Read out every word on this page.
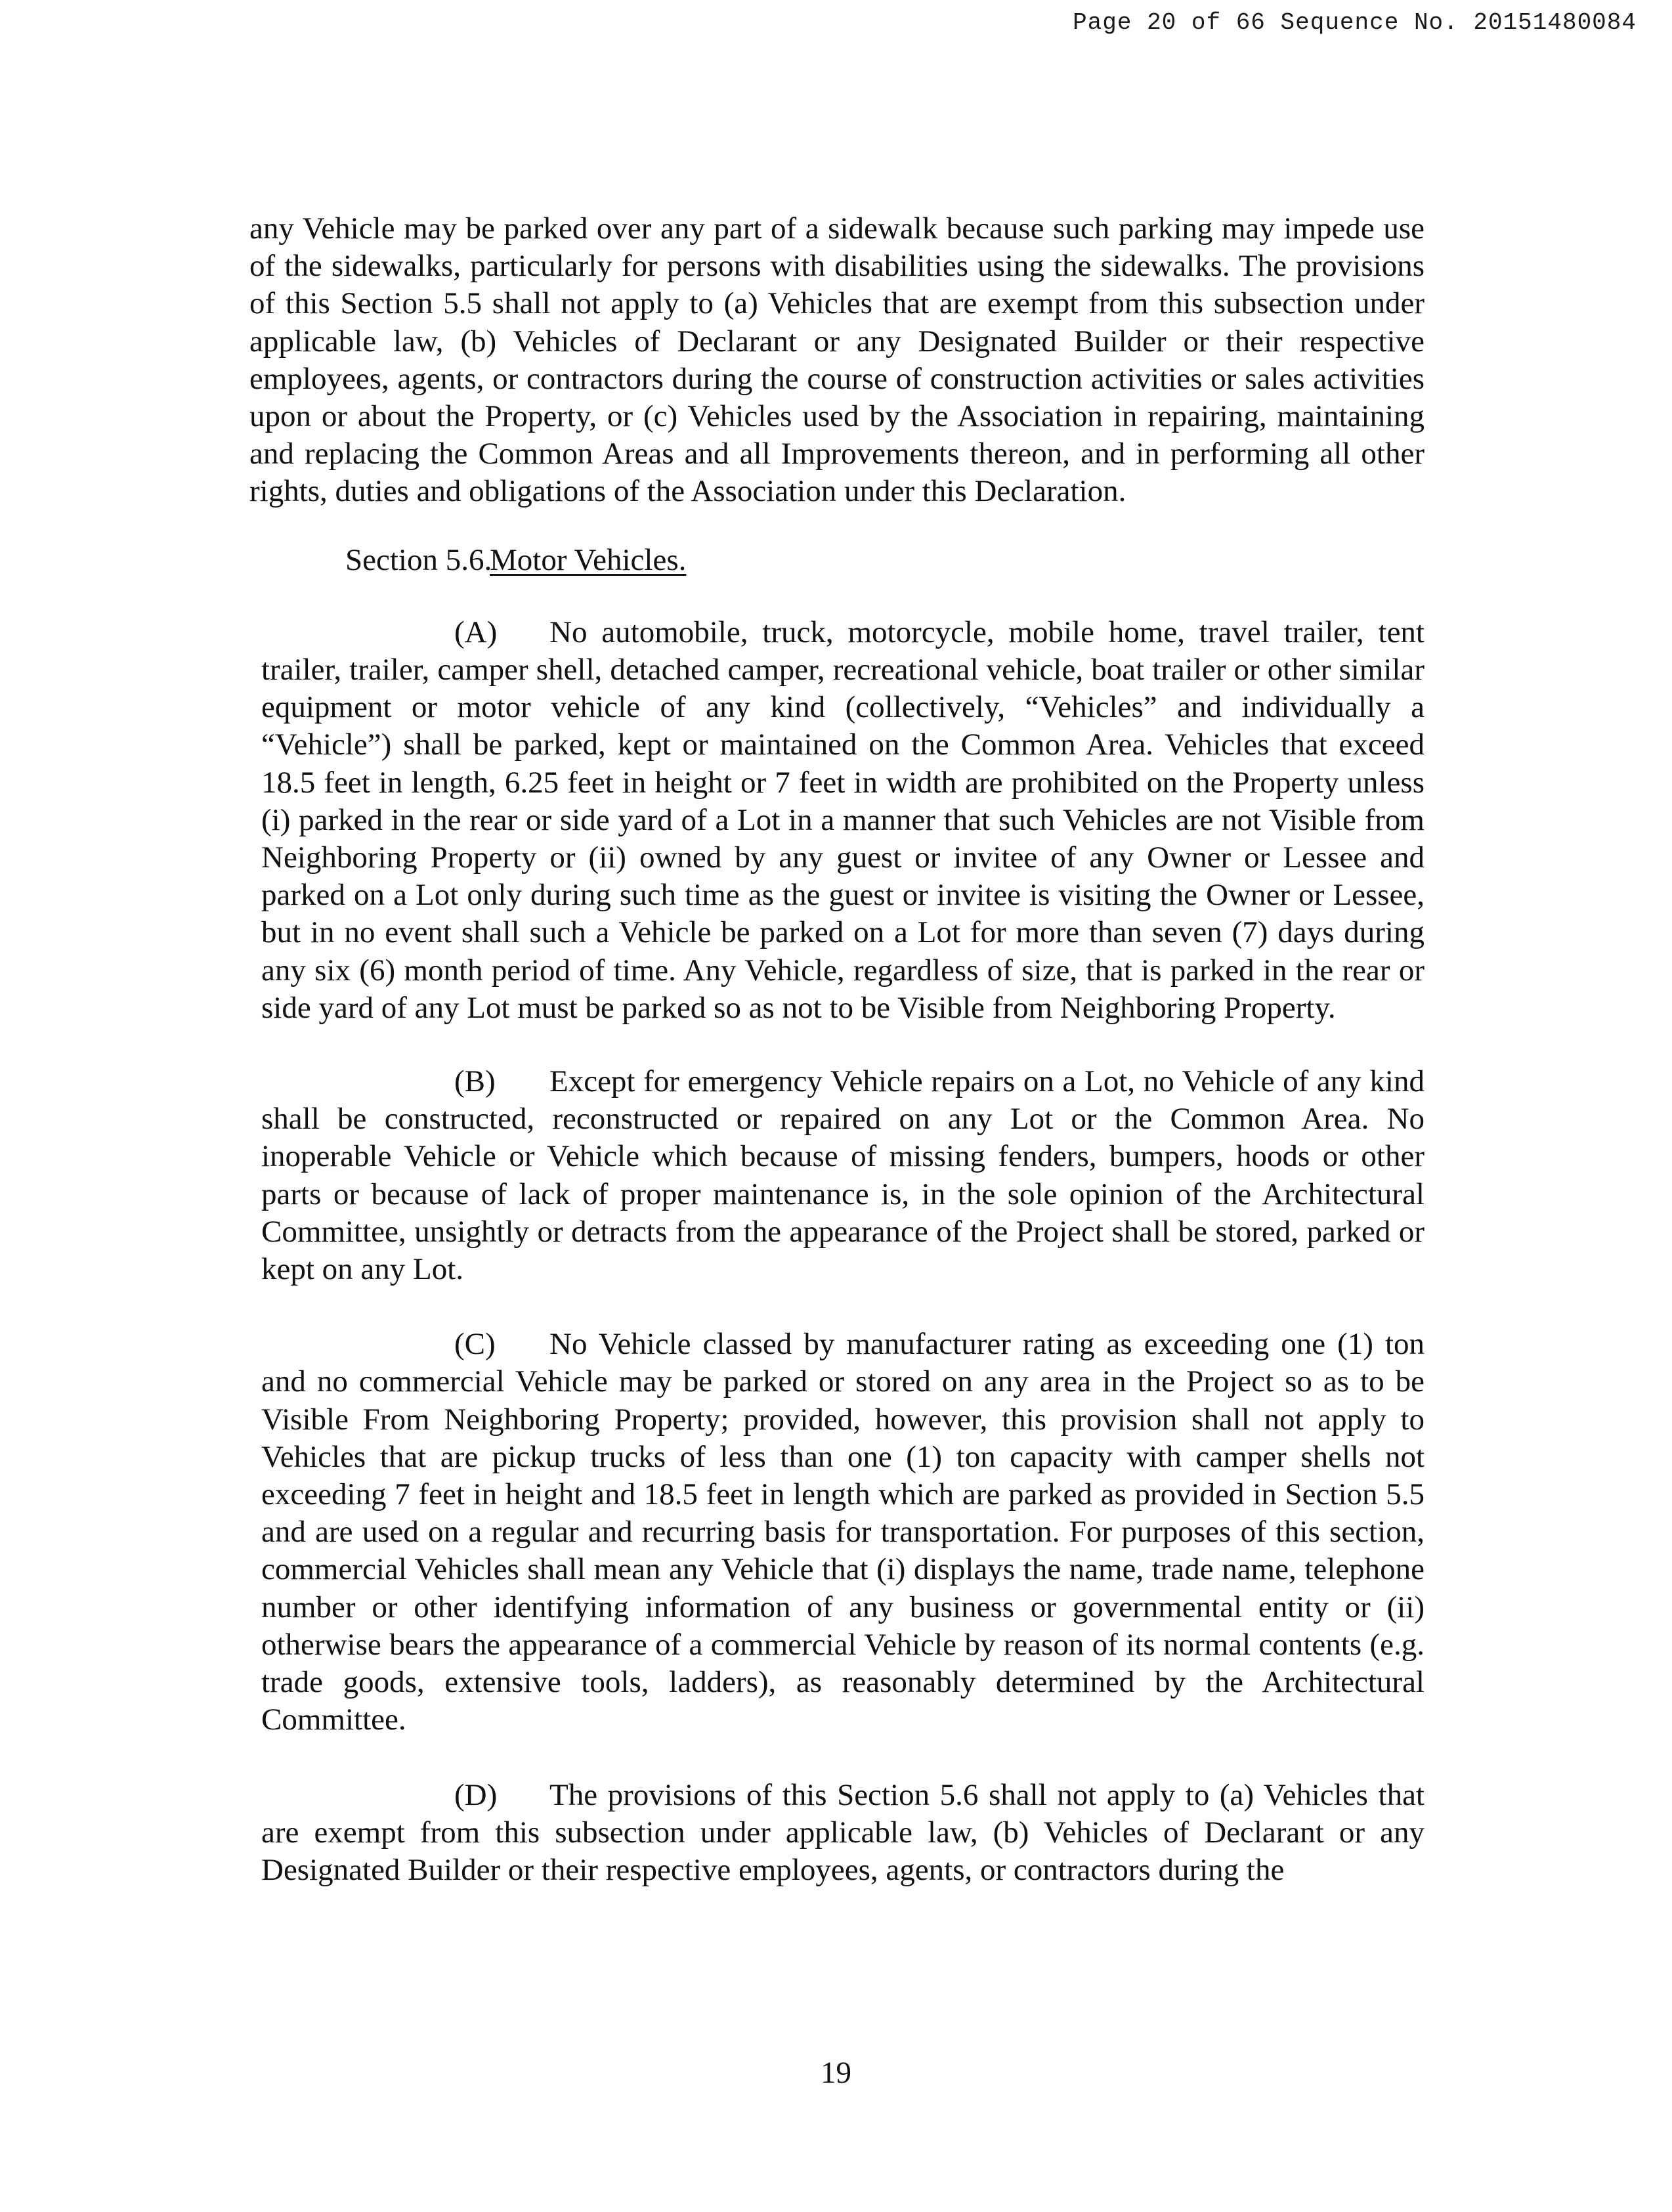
Page 20 of 66 Sequence No. 20151480084

any Vehicle may be parked over any part of a sidewalk because such parking may impede use of the sidewalks, particularly for persons with disabilities using the sidewalks. The provisions of this Section 5.5 shall not apply to (a) Vehicles that are exempt from this subsection under applicable law, (b) Vehicles of Declarant or any Designated Builder or their respective employees, agents, or contractors during the course of construction activities or sales activities upon or about the Property, or (c) Vehicles used by the Association in repairing, maintaining and replacing the Common Areas and all Improvements thereon, and in performing all other rights, duties and obligations of the Association under this Declaration.

Section 5.6.Motor Vehicles.

(A) No automobile, truck, motorcycle, mobile home, travel trailer, tent trailer, trailer, camper shell, detached camper, recreational vehicle, boat trailer or other similar equipment or motor vehicle of any kind (collectively, “Vehicles” and individually a “Vehicle”) shall be parked, kept or maintained on the Common Area. Vehicles that exceed 18.5 feet in length, 6.25 feet in height or 7 feet in width are prohibited on the Property unless (i) parked in the rear or side yard of a Lot in a manner that such Vehicles are not Visible from Neighboring Property or (ii) owned by any guest or invitee of any Owner or Lessee and parked on a Lot only during such time as the guest or invitee is visiting the Owner or Lessee, but in no event shall such a Vehicle be parked on a Lot for more than seven (7) days during any six (6) month period of time. Any Vehicle, regardless of size, that is parked in the rear or side yard of any Lot must be parked so as not to be Visible from Neighboring Property.

(B) Except for emergency Vehicle repairs on a Lot, no Vehicle of any kind shall be constructed, reconstructed or repaired on any Lot or the Common Area. No inoperable Vehicle or Vehicle which because of missing fenders, bumpers, hoods or other parts or because of lack of proper maintenance is, in the sole opinion of the Architectural Committee, unsightly or detracts from the appearance of the Project shall be stored, parked or kept on any Lot.

(C) No Vehicle classed by manufacturer rating as exceeding one (1) ton and no commercial Vehicle may be parked or stored on any area in the Project so as to be Visible From Neighboring Property; provided, however, this provision shall not apply to Vehicles that are pickup trucks of less than one (1) ton capacity with camper shells not exceeding 7 feet in height and 18.5 feet in length which are parked as provided in Section 5.5 and are used on a regular and recurring basis for transportation. For purposes of this section, commercial Vehicles shall mean any Vehicle that (i) displays the name, trade name, telephone number or other identifying information of any business or governmental entity or (ii) otherwise bears the appearance of a commercial Vehicle by reason of its normal contents (e.g. trade goods, extensive tools, ladders), as reasonably determined by the Architectural Committee.

(D) The provisions of this Section 5.6 shall not apply to (a) Vehicles that are exempt from this subsection under applicable law, (b) Vehicles of Declarant or any Designated Builder or their respective employees, agents, or contractors during the

19
